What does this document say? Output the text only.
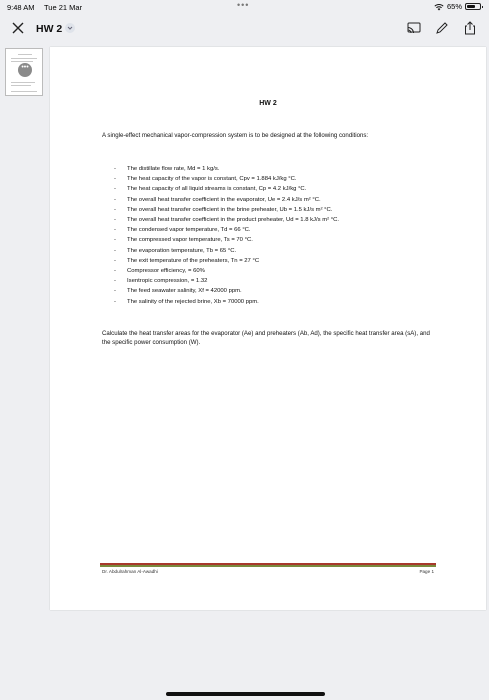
9:48 AM Tue 21 Mar	•••	65%
HW 2
•••
HW 2
A single-effect mechanical vapor-compression system is to be designed at the following conditions:
- The distillate flow rate, Md = 1 kg/s.
- The heat capacity of the vapor is constant, Cpv = 1.884 kJ/kg °C.
- The heat capacity of all liquid streams is constant, Cp = 4.2 kJ/kg °C.
- The overall heat transfer coefficient in the evaporator, Ue = 2.4 kJ/s m² °C.
- The overall heat transfer coefficient in the brine preheater, Ub = 1.5 kJ/s m² °C.
- The overall heat transfer coefficient in the product preheater, Ud = 1.8 kJ/s m² °C.
- The condensed vapor temperature, Td = 66 °C.
- The compressed vapor temperature, Ts = 70 °C.
- The evaporation temperature, Tb = 65 °C.
- The exit temperature of the preheaters, Tn = 27 °C
- Compressor efficiency, = 60%
- Isentropic compression, = 1.32
- The feed seawater salinity, Xf = 42000 ppm.
- The salinity of the rejected brine, Xb = 70000 ppm.
Calculate the heat transfer areas for the evaporator (Ae) and preheaters (Ab, Ad), the specific heat transfer area (sA), and the specific power consumption (W).
Dr. Abdulrahman Al-Awadhi	Page 1
